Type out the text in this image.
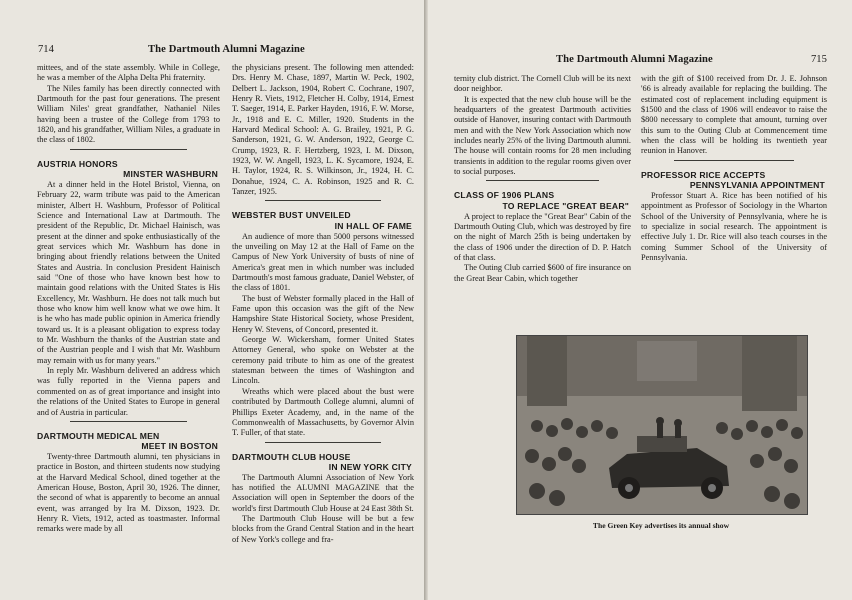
714	The Dartmouth Alumni Magazine

mittees, and of the state assembly. While in College, he was a member of the Alpha Delta Phi fraternity.

The Niles family has been directly connected with Dartmouth for the past four generations. The present William Niles' great grandfather, Nathaniel Niles having been a trustee of the College from 1793 to 1820, and his grandfather, William Niles, a graduate in the class of 1802.

AUSTRIA HONORS
MINSTER WASHBURN

At a dinner held in the Hotel Bristol, Vienna, on February 22, warm tribute was paid to the American minister, Albert H. Washburn, Professor of Political Science and International Law at Dartmouth. The president of the Republic, Dr. Michael Hainisch, was present at the dinner and spoke enthusiastically of the great services which Mr. Washburn has done in bringing about friendly relations between the United States and Austria. In conclusion President Hainisch said "One of those who have known best how to maintain good relations with the United States is His Excellency, Mr. Washburn. He does not talk much but those who know him well know what we owe him. It is he who has made public opinion in America friendly toward us. It is a pleasant obligation to express today to Mr. Washburn the thanks of the Austrian state and of the Austrian people and I wish that Mr. Washburn may remain with us for many years."

In reply Mr. Washburn delivered an address which was fully reported in the Vienna papers and commented on as of great importance and insight into the relations of the United States to Europe in general and of Austria in particular.

DARTMOUTH MEDICAL MEN
MEET IN BOSTON

Twenty-three Dartmouth alumni, ten physicians in practice in Boston, and thirteen students now studying at the Harvard Medical School, dined together at the American House, Boston, April 30, 1926. The dinner, the second of what is apparently to become an annual event, was arranged by Ira M. Dixson, 1923. Dr. Henry R. Viets, 1912, acted as toastmaster. Informal remarks were made by all

the physicians present. The following men attended: Drs. Henry M. Chase, 1897, Martin W. Peck, 1902, Delbert L. Jackson, 1904, Robert C. Cochrane, 1907, Henry R. Viets, 1912, Fletcher H. Colby, 1914, Ernest T. Saeger, 1914, E. Parker Hayden, 1916, F. W. Morse, Jr., 1918 and E. C. Miller, 1920. Students in the Harvard Medical School: A. G. Brailey, 1921, P. G. Sanderson, 1921, G. W. Anderson, 1922, George C. Crump, 1923, R. F. Hertzberg, 1923, I. M. Dixson, 1923, W. W. Angell, 1923, L. K. Sycamore, 1924, E. H. Taylor, 1924, R. S. Wilkinson, Jr., 1924, H. C. Donahue, 1924, C. A. Robinson, 1925 and R. C. Tanzer, 1925.

WEBSTER BUST UNVEILED
IN HALL OF FAME

An audience of more than 5000 persons witnessed the unveiling on May 12 at the Hall of Fame on the Campus of New York University of busts of nine of America's great men in which number was included Dartmouth's most famous graduate, Daniel Webster, of the class of 1801.

The bust of Webster formally placed in the Hall of Fame upon this occasion was the gift of the New Hampshire State Historical Society, whose President, Henry W. Stevens, of Concord, presented it.

George W. Wickersham, former United States Attorney General, who spoke on Webster at the ceremony paid tribute to him as one of the greatest statesman between the times of Washington and Lincoln.

Wreaths which were placed about the bust were contributed by Dartmouth College alumni, alumni of Phillips Exeter Academy, and, in the name of the Commonwealth of Massachusetts, by Governor Alvin T. Fuller, of that state.

DARTMOUTH CLUB HOUSE
IN NEW YORK CITY

The Dartmouth Alumni Association of New York has notified the ALUMNI MAGAZINE that the Association will open in September the doors of the world's first Dartmouth Club House at 24 East 38th St.

The Dartmouth Club House will be but a few blocks from the Grand Central Station and in the heart of New York's college and fra-

The Dartmouth Alumni Magazine	715

ternity club district. The Cornell Club will be its next door neighbor.

It is expected that the new club house will be the headquarters of the greatest Dartmouth activities outside of Hanover, insuring contact with Dartmouth men and with the New York Association which now includes nearly 25% of the living Dartmouth alumni. The house will contain rooms for 28 men including transients in addition to the regular rooms given over to social purposes.

CLASS OF 1906 PLANS
TO REPLACE "GREAT BEAR"

A project to replace the "Great Bear" Cabin of the Dartmouth Outing Club, which was destroyed by fire on the night of March 25th is being undertaken by the class of 1906 under the direction of D. P. Hatch of that class.

The Outing Club carried $600 of fire insurance on the Great Bear Cabin, which together

with the gift of $100 received from Dr. J. E. Johnson '66 is already available for replacing the building. The estimated cost of replacement including equipment is $1500 and the class of 1906 will endeavor to raise the $800 necessary to complete that amount, turning over this sum to the Outing Club at Commencement time when the class will be holding its twentieth year reunion in Hanover.

PROFESSOR RICE ACCEPTS
PENNSYLVANIA APPOINTMENT

Professor Stuart A. Rice has been notified of his appointment as Professor of Sociology in the Wharton School of the University of Pennsylvania, where he is to specialize in social research. The appointment is effective July 1. Dr. Rice will also teach courses in the coming Summer School of the University of Pennsylvania.

The Green Key advertises its annual show
